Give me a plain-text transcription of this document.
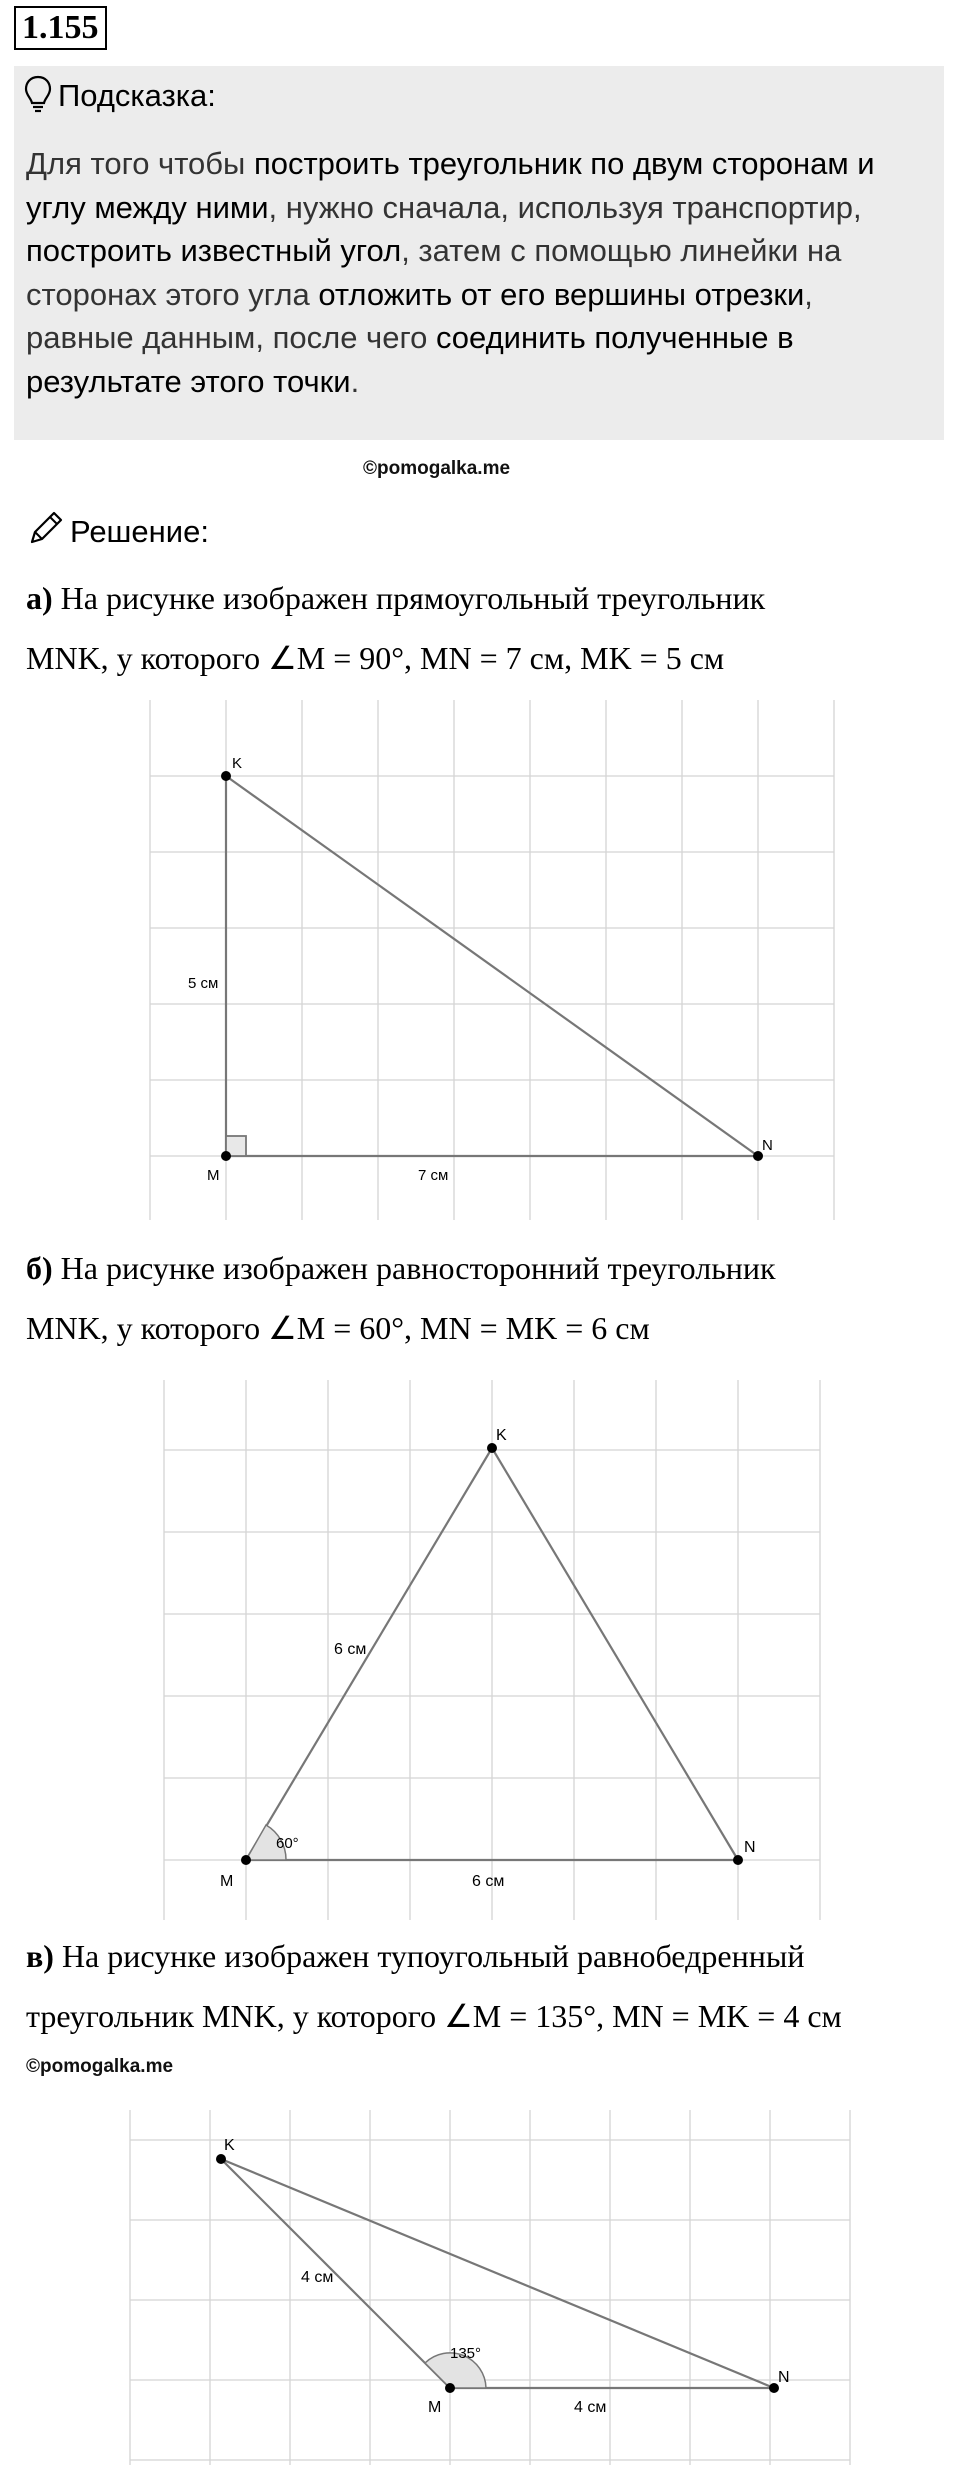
1.155
Подсказка:
Для того чтобы построить треугольник по двум сторонам и углу между ними, нужно сначала, используя транспортир, построить известный угол, затем с помощью линейки на сторонах этого угла отложить от его вершины отрезки, равные данным, после чего соединить полученные в результате этого точки.
©pomogalka.me
Решение:
а) На рисунке изображен прямоугольный треугольник
MNK, у которого ∠M = 90°, MN = 7 см, MK = 5 см
K
M
N
5 см
7 см
б) На рисунке изображен равносторонний треугольник
MNK, у которого ∠M = 60°, MN = MK = 6 см
K
M
N
6 см
6 см
60°
в) На рисунке изображен тупоугольный равнобедренный
треугольник MNK, у которого ∠M = 135°, MN = MK = 4 см
©pomogalka.me
K
M
N
4 см
4 см
135°
